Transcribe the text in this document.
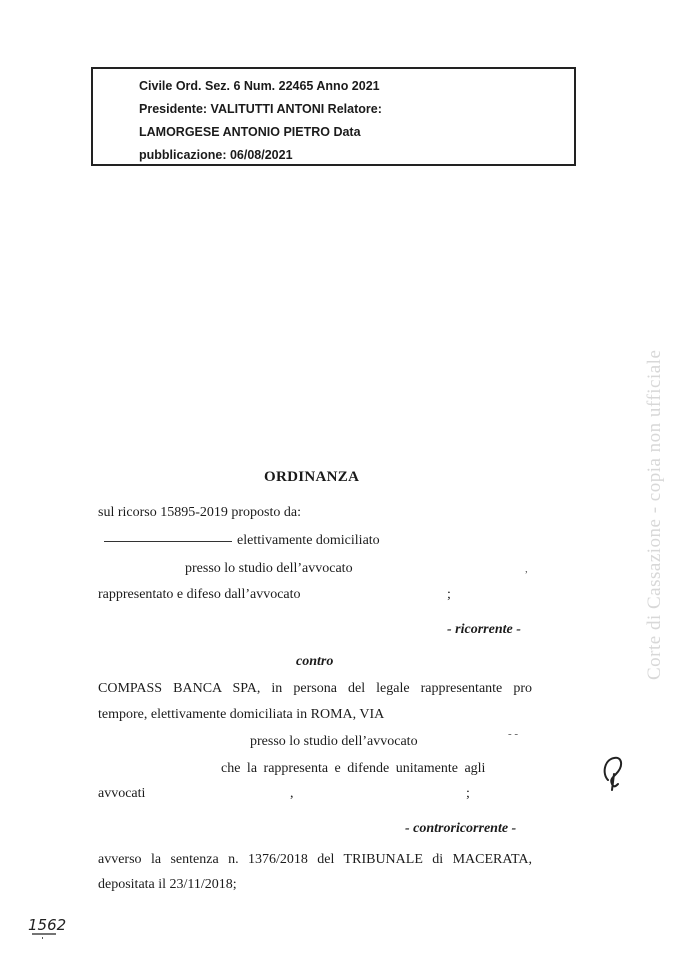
Civile Ord. Sez. 6 Num. 22465 Anno 2021
Presidente: VALITUTTI ANTONI Relatore:
LAMORGESE ANTONIO PIETRO Data
pubblicazione: 06/08/2021
Corte di Cassazione - copia non ufficiale
ORDINANZA
sul ricorso 15895-2019 proposto da:
elettivamente domiciliato
presso lo studio dell’avvocato	,
rappresentato e difeso dall’avvocato	;
- ricorrente -
contro
COMPASS BANCA SPA, in persona del legale rappresentante pro
tempore, elettivamente domiciliata in ROMA, VIA
presso lo studio dell’avvocato	- -
che la rappresenta e difende unitamente agli
avvocati	,	;
- controricorrente -
avverso la sentenza n. 1376/2018 del TRIBUNALE di MACERATA,
depositata il 23/11/2018;
1562
